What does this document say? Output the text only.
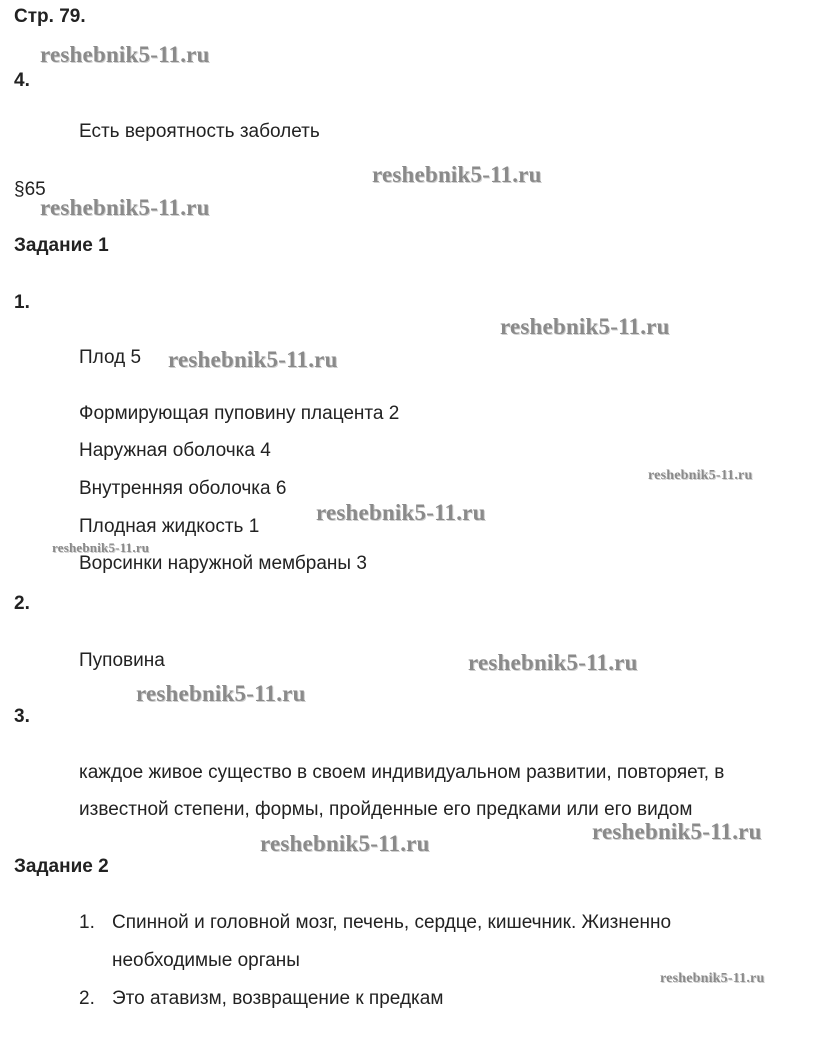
Стр. 79.
4.
Есть вероятность заболеть
§65
Задание 1
1.
Плод 5
Формирующая пуповину плацента 2
Наружная оболочка 4
Внутренняя оболочка 6
Плодная жидкость 1
Ворсинки наружной мембраны 3
2.
Пуповина
3.
каждое живое существо в своем индивидуальном развитии, повторяет, в
известной степени, формы, пройденные его предками или его видом
Задание 2
1. Спинной и головной мозг, печень, сердце, кишечник. Жизненно
необходимые органы
2. Это атавизм, возвращение к предкам
reshebnik5-11.ru
reshebnik5-11.ru
reshebnik5-11.ru
reshebnik5-11.ru
reshebnik5-11.ru
reshebnik5-11.ru
reshebnik5-11.ru
reshebnik5-11.ru
reshebnik5-11.ru
reshebnik5-11.ru
reshebnik5-11.ru
reshebnik5-11.ru
reshebnik5-11.ru
